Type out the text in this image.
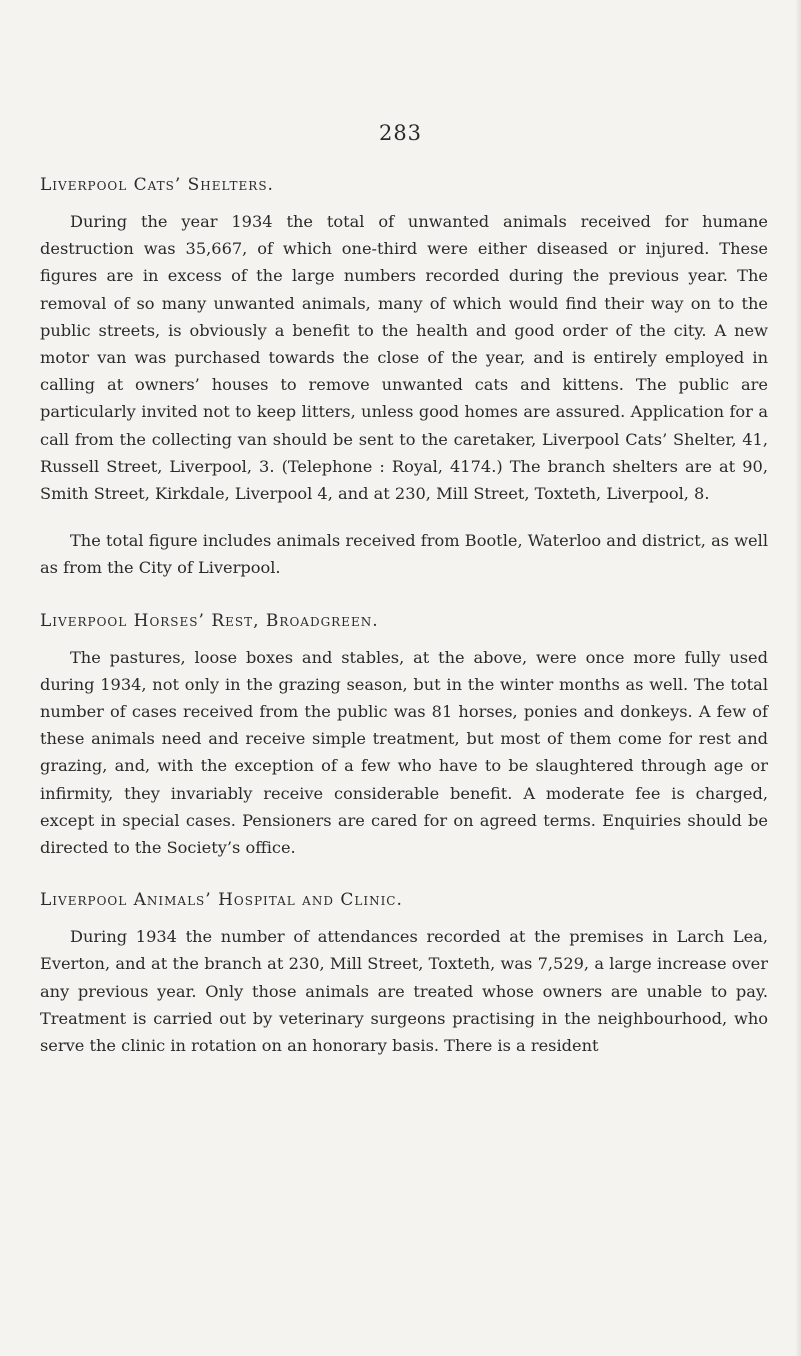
283
Liverpool Cats’ Shelters.

During the year 1934 the total of unwanted animals received for humane destruction was 35,667, of which one-third were either diseased or injured. These figures are in excess of the large numbers recorded during the previous year. The removal of so many unwanted animals, many of which would find their way on to the public streets, is obviously a benefit to the health and good order of the city. A new motor van was purchased towards the close of the year, and is entirely employed in calling at owners’ houses to remove unwanted cats and kittens. The public are particularly invited not to keep litters, unless good homes are assured. Application for a call from the collecting van should be sent to the caretaker, Liverpool Cats’ Shelter, 41, Russell Street, Liverpool, 3. (Telephone : Royal, 4174.) The branch shelters are at 90, Smith Street, Kirkdale, Liverpool 4, and at 230, Mill Street, Toxteth, Liverpool, 8.

The total figure includes animals received from Bootle, Waterloo and district, as well as from the City of Liverpool.

Liverpool Horses’ Rest, Broadgreen.

The pastures, loose boxes and stables, at the above, were once more fully used during 1934, not only in the grazing season, but in the winter months as well. The total number of cases received from the public was 81 horses, ponies and donkeys. A few of these animals need and receive simple treatment, but most of them come for rest and grazing, and, with the exception of a few who have to be slaughtered through age or infirmity, they invariably receive considerable benefit. A moderate fee is charged, except in special cases. Pensioners are cared for on agreed terms. Enquiries should be directed to the Society’s office.

Liverpool Animals’ Hospital and Clinic.

During 1934 the number of attendances recorded at the premises in Larch Lea, Everton, and at the branch at 230, Mill Street, Toxteth, was 7,529, a large increase over any previous year. Only those animals are treated whose owners are unable to pay. Treatment is carried out by veterinary surgeons practising in the neighbourhood, who serve the clinic in rotation on an honorary basis. There is a resident
